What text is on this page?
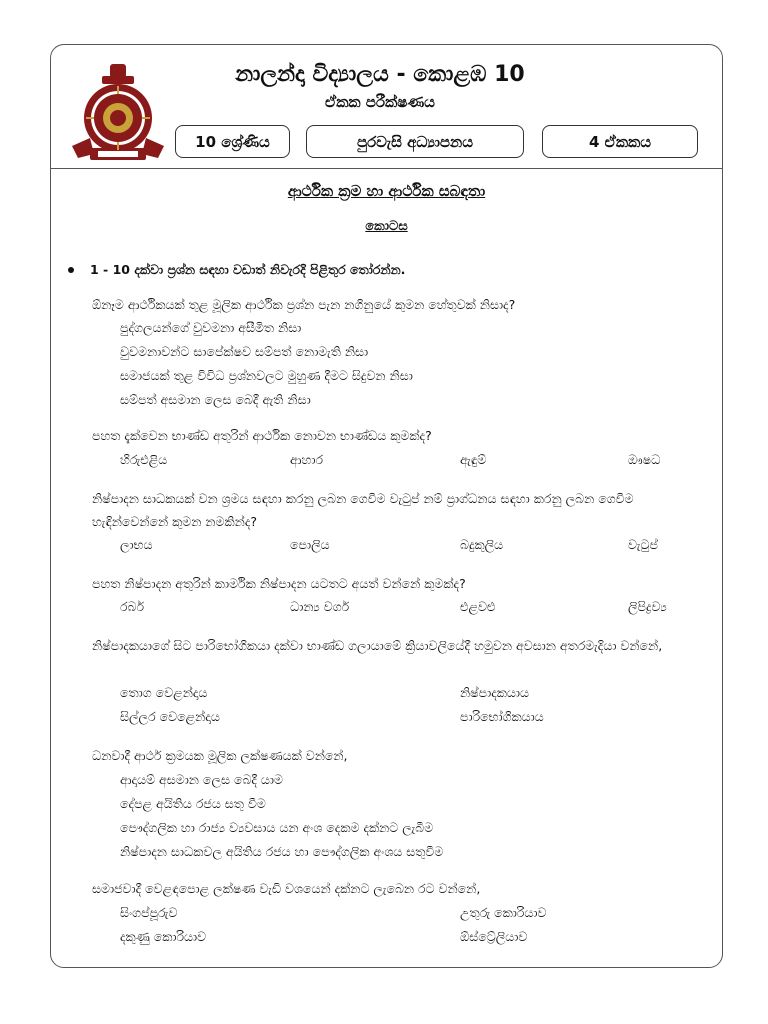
නාලන්දා විද්‍යාලය - කොළඹ 10
ඒකක පරීක්ෂණය
10 ශ්‍රේණිය	පුරවැසි අධ්‍යාපනය	4 ඒකකය
ආර්ථික ක්‍රම හා ආර්ථික සබඳතා
කොටස
1 - 10 දක්වා ප්‍රශ්න සඳහා වඩාත් නිවැරදි පිළිතුර තෝරන්න.
ඕනෑම ආර්ථිකයක් තුළ මූලික ආර්ථික ප්‍රශ්න පැන නගිනුයේ කුමන හේතුවක් නිසාද?
පුද්ගලයන්ගේ වුවමනා අසීමිත නිසා
වුවමනාවන්ට සාපේක්ෂව සම්පත් නොමැති නිසා
සමාජයක් තුළ විවිධ ප්‍රශ්නවලට මුහුණ දීමට සිදුවන නිසා
සම්පත් අසමාන ලෙස බෙදී ඇති නිසා
පහත දැක්වෙන භාණ්ඩ අතුරින් ආර්ථික නොවන භාණ්ඩය කුමක්ද?
හිරුඑළිය	ආහාර	ඇඳුම්	ඖෂධ
නිෂ්පාදන සාධකයක් වන ශ්‍රමය සඳහා කරනු ලබන ගෙවීම වැටුප් නම් ප්‍රාග්ධනය සඳහා කරනු ලබන ගෙවීම හැඳින්වෙන්නේ කුමන නමකින්ද?
ලාභය	පොලිය	බදුකුලිය	වැටුප්
පහත නිෂ්පාදන අතුරින් කාර්මික නිෂ්පාදන යටතට අයත් වන්නේ කුමක්ද?
රබර්	ධාන්‍ය වර්ග	එළවළු	ලිපිද්‍රව්‍ය
නිෂ්පාදකයාගේ සිට පාරිභෝගිකයා දක්වා භාණ්ඩ ගලායාමේ ක්‍රියාවලියේදී හමුවන අවසාන අතරමැදියා වන්නේ,
තොග වෙළන්දාය	නිෂ්පාදකයාය
සිල්ලර වෙළෙන්දාය	පාරිභෝගිකයාය
ධනවාදී ආර්ථ ක්‍රමයක මූලික ලක්ෂණයක් වන්නේ,
ආදායම් අසමාන ලෙස බෙදී යාම
දේපළ අයිතිය රජය සතු වීම
පෞද්ගලික හා රාජ්‍ය ව්‍යවසාය යන අංශ දෙකම දක්නට ලැබීම
නිෂ්පාදන සාධකවල අයිතිය රජය හා පෞද්ගලික අංශය සතුවීම
සමාජවාදී වෙළඳපොළ ලක්ෂණ වැඩි වශයෙන් දක්නට ලැබෙන රට වන්නේ,
සිංගප්පූරුව	උතුරු කොරියාව
දකුණු කොරියාව	ඕස්ට්‍රේලියාව
